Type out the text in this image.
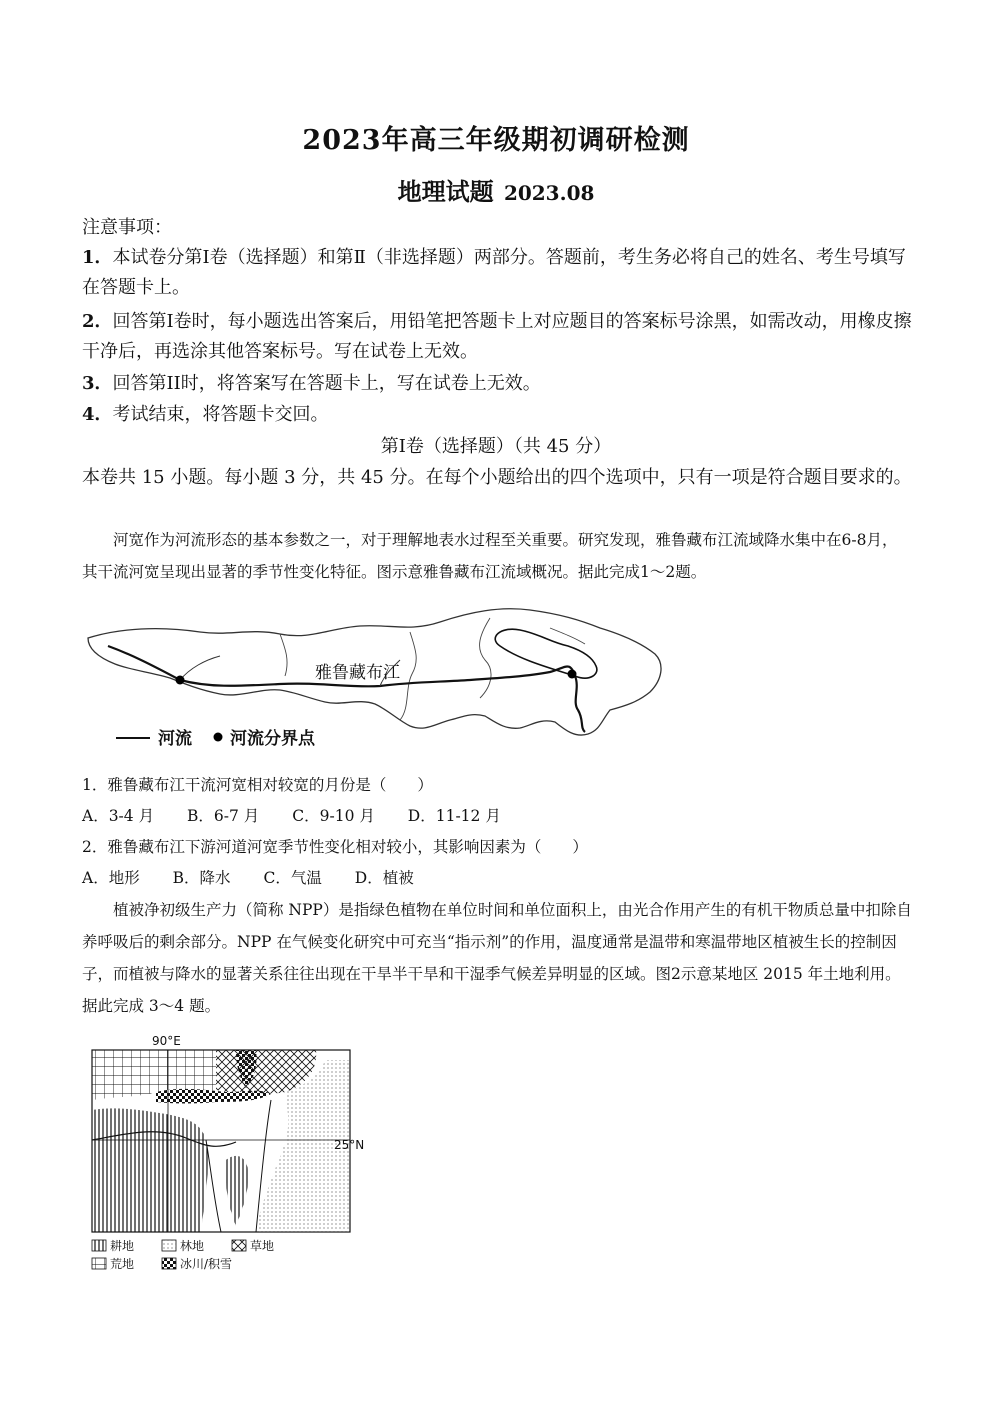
2023年高三年级期初调研检测
地理试题 2023.08
注意事项：
1．本试卷分第Ⅰ卷（选择题）和第Ⅱ（非选择题）两部分。答题前，考生务必将自己的姓名、考生号填写在答题卡上。
2．回答第I卷时，每小题选出答案后，用铅笔把答题卡上对应题目的答案标号涂黑，如需改动，用橡皮擦干净后，再选涂其他答案标号。写在试卷上无效。
3．回答第II时，将答案写在答题卡上，写在试卷上无效。
4．考试结束，将答题卡交回。
第Ⅰ卷（选择题）（共 45 分）
本卷共 15 小题。每小题 3 分，共 45 分。在每个小题给出的四个选项中，只有一项是符合题目要求的。
河宽作为河流形态的基本参数之一，对于理解地表水过程至关重要。研究发现，雅鲁藏布江流域降水集中在6-8月，其干流河宽呈现出显著的季节性变化特征。图示意雅鲁藏布江流域概况。据此完成1～2题。
雅鲁藏布江
河流 河流分界点
1．雅鲁藏布江干流河宽相对较宽的月份是（　　）
A．3-4 月 B．6-7 月 C．9-10 月 D．11-12 月
2．雅鲁藏布江下游河道河宽季节性变化相对较小，其影响因素为（　　）
A．地形 B．降水 C．气温 D．植被
植被净初级生产力（简称 NPP）是指绿色植物在单位时间和单位面积上，由光合作用产生的有机干物质总量中扣除自养呼吸后的剩余部分。NPP 在气候变化研究中可充当“指示剂”的作用，温度通常是温带和寒温带地区植被生长的控制因子，而植被与降水的显著关系往往出现在干旱半干旱和干湿季气候差异明显的区域。图2示意某地区 2015 年土地利用。据此完成 3～4 题。
90°E
25°N
耕地	林地	草地
荒地	冰川/积雪
